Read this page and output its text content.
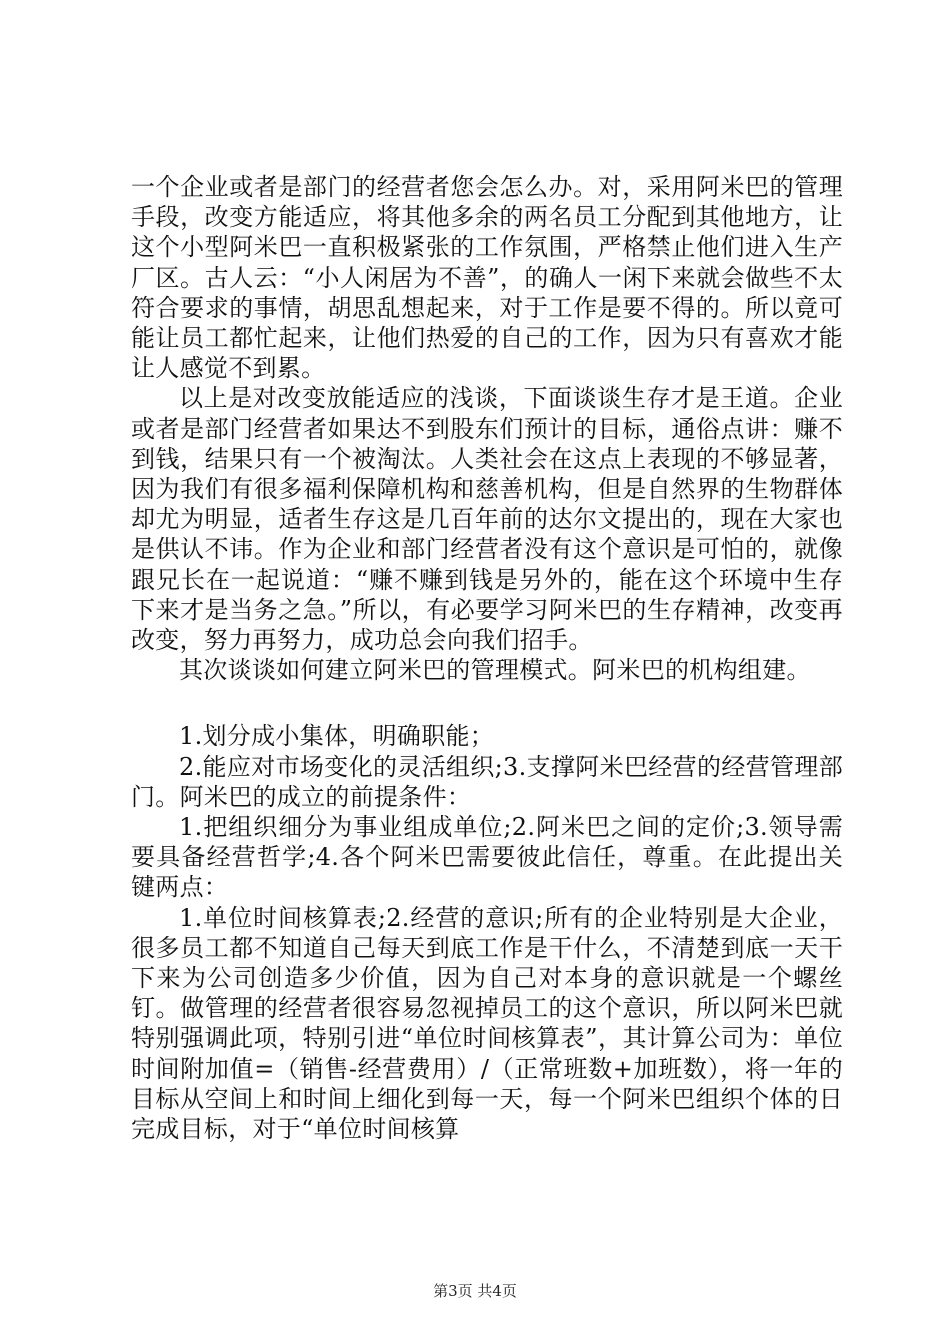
一个企业或者是部门的经营者您会怎么办。对，采用阿米巴的管理手段，改变方能适应，将其他多余的两名员工分配到其他地方，让这个小型阿米巴一直积极紧张的工作氛围，严格禁止他们进入生产厂区。古人云：“小人闲居为不善”，的确人一闲下来就会做些不太符合要求的事情，胡思乱想起来，对于工作是要不得的。所以竟可能让员工都忙起来，让他们热爱的自己的工作，因为只有喜欢才能让人感觉不到累。

以上是对改变放能适应的浅谈，下面谈谈生存才是王道。企业或者是部门经营者如果达不到股东们预计的目标，通俗点讲：赚不到钱，结果只有一个被淘汰。人类社会在这点上表现的不够显著，因为我们有很多福利保障机构和慈善机构，但是自然界的生物群体却尤为明显，适者生存这是几百年前的达尔文提出的，现在大家也是供认不讳。作为企业和部门经营者没有这个意识是可怕的，就像跟兄长在一起说道：“赚不赚到钱是另外的，能在这个环境中生存下来才是当务之急。”所以，有必要学习阿米巴的生存精神，改变再改变，努力再努力，成功总会向我们招手。

其次谈谈如何建立阿米巴的管理模式。阿米巴的机构组建。

1.划分成小集体，明确职能；

2.能应对市场变化的灵活组织;3.支撑阿米巴经营的经营管理部门。阿米巴的成立的前提条件：

1.把组织细分为事业组成单位;2.阿米巴之间的定价;3.领导需要具备经营哲学;4.各个阿米巴需要彼此信任，尊重。在此提出关键两点：

1.单位时间核算表;2.经营的意识;所有的企业特别是大企业，很多员工都不知道自己每天到底工作是干什么，不清楚到底一天干下来为公司创造多少价值，因为自己对本身的意识就是一个螺丝钉。做管理的经营者很容易忽视掉员工的这个意识，所以阿米巴就特别强调此项，特别引进“单位时间核算表”，其计算公司为：单位时间附加值=（销售-经营费用）/（正常班数+加班数），将一年的目标从空间上和时间上细化到每一天，每一个阿米巴组织个体的日完成目标，对于“单位时间核算

第3页 共4页
